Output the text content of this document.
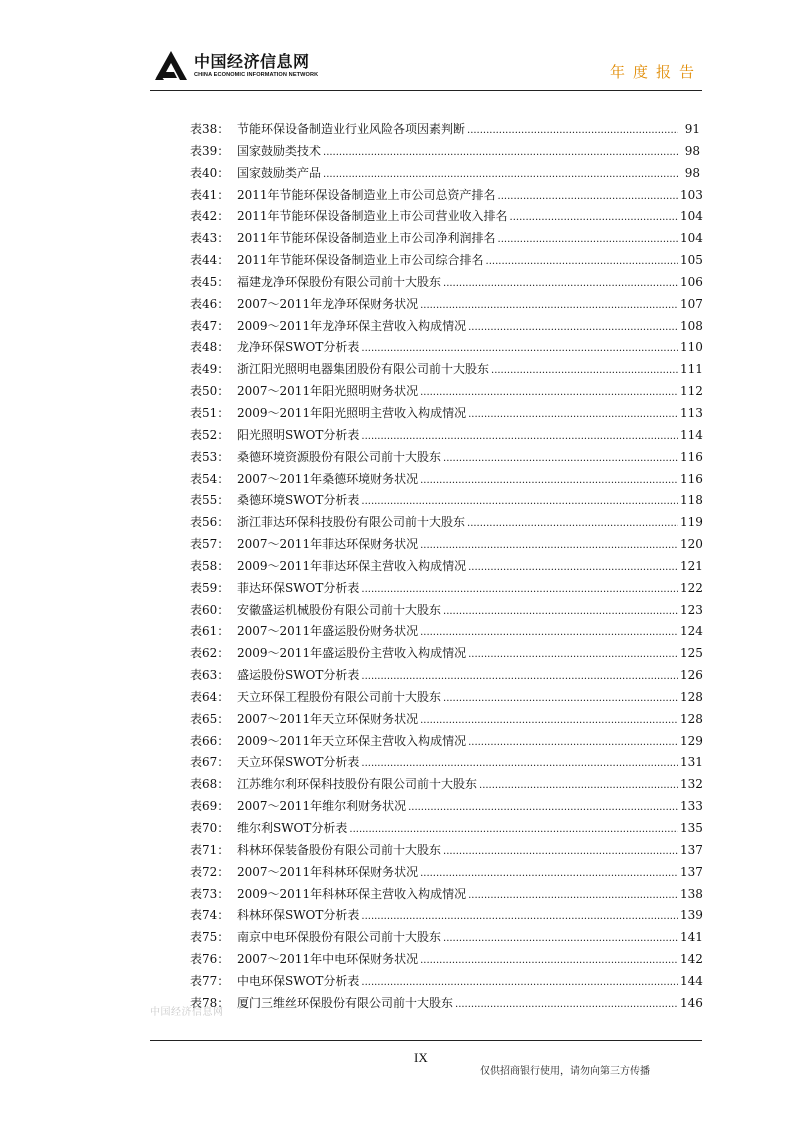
中国经济信息网
CHINA ECONOMIC INFORMATION NETWORK	年度报告
表38： 节能环保设备制造业行业风险各项因素判断 .....	91
表39： 国家鼓励类技术 .....	98
表40： 国家鼓励类产品 .....	98
表41： 2011年节能环保设备制造业上市公司总资产排名 .....	103
表42： 2011年节能环保设备制造业上市公司营业收入排名 .....	104
表43： 2011年节能环保设备制造业上市公司净利润排名 .....	104
表44： 2011年节能环保设备制造业上市公司综合排名 .....	105
表45： 福建龙净环保股份有限公司前十大股东 .....	106
表46： 2007～2011年龙净环保财务状况 .....	107
表47： 2009～2011年龙净环保主营收入构成情况 .....	108
表48： 龙净环保SWOT分析表 .....	110
表49： 浙江阳光照明电器集团股份有限公司前十大股东 .....	111
表50： 2007～2011年阳光照明财务状况 .....	112
表51： 2009～2011年阳光照明主营收入构成情况 .....	113
表52： 阳光照明SWOT分析表 .....	114
表53： 桑德环境资源股份有限公司前十大股东 .....	116
表54： 2007～2011年桑德环境财务状况 .....	116
表55： 桑德环境SWOT分析表 .....	118
表56： 浙江菲达环保科技股份有限公司前十大股东 .....	119
表57： 2007～2011年菲达环保财务状况 .....	120
表58： 2009～2011年菲达环保主营收入构成情况 .....	121
表59： 菲达环保SWOT分析表 .....	122
表60： 安徽盛运机械股份有限公司前十大股东 .....	123
表61： 2007～2011年盛运股份财务状况 .....	124
表62： 2009～2011年盛运股份主营收入构成情况 .....	125
表63： 盛运股份SWOT分析表 .....	126
表64： 天立环保工程股份有限公司前十大股东 .....	128
表65： 2007～2011年天立环保财务状况 .....	128
表66： 2009～2011年天立环保主营收入构成情况 .....	129
表67： 天立环保SWOT分析表 .....	131
表68： 江苏维尔利环保科技股份有限公司前十大股东 .....	132
表69： 2007～2011年维尔利财务状况 .....	133
表70： 维尔利SWOT分析表 .....	135
表71： 科林环保装备股份有限公司前十大股东 .....	137
表72： 2007～2011年科林环保财务状况 .....	137
表73： 2009～2011年科林环保主营收入构成情况 .....	138
表74： 科林环保SWOT分析表 .....	139
表75： 南京中电环保股份有限公司前十大股东 .....	141
表76： 2007～2011年中电环保财务状况 .....	142
表77： 中电环保SWOT分析表 .....	144
表78： 厦门三维丝环保股份有限公司前十大股东 .....	146
中国经济信息网
IX
仅供招商银行使用，请勿向第三方传播
